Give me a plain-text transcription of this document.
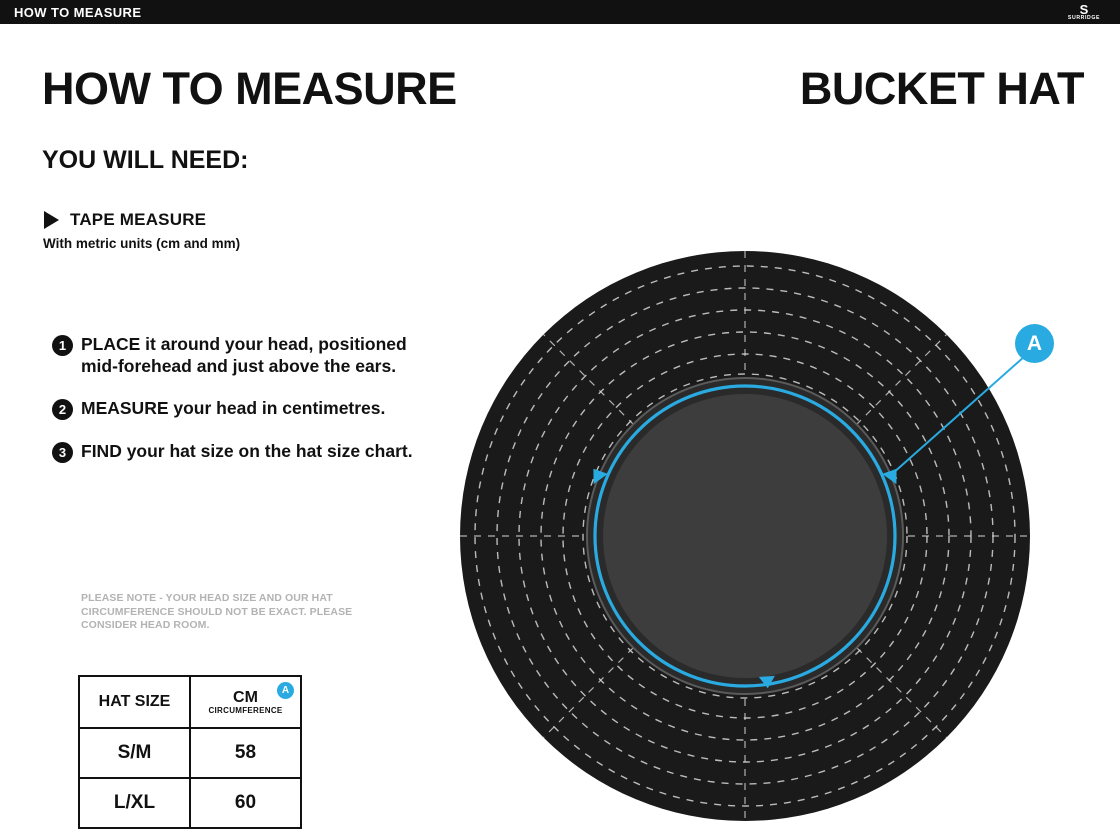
HOW TO MEASURE	S
SURRIDGE
HOW TO MEASURE	BUCKET HAT
YOU WILL NEED:
TAPE MEASURE
With metric units (cm and mm)
1 PLACE it around your head, positioned mid-forehead and just above the ears.
2 MEASURE your head in centimetres.
3 FIND your hat size on the hat size chart.
PLEASE NOTE - YOUR HEAD SIZE AND OUR HAT CIRCUMFERENCE SHOULD NOT BE EXACT. PLEASE CONSIDER HEAD ROOM.
HAT SIZE	CM
CIRCUMFERENCE
A

S/M	58
L/XL	60
A
